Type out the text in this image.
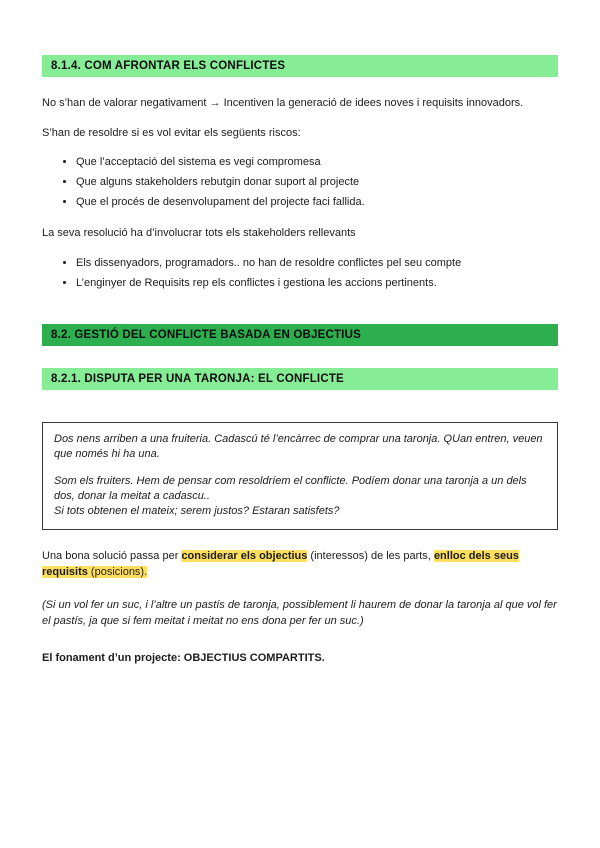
8.1.4. COM AFRONTAR ELS CONFLICTES

No s’han de valorar negativament → Incentiven la generació de idees noves i requisits innovadors.

S’han de resoldre si es vol evitar els següents riscos:

• Que l’acceptació del sistema es vegi compromesa
• Que alguns stakeholders rebutgin donar suport al projecte
• Que el procés de desenvolupament del projecte faci fallida.

La seva resolució ha d’involucrar tots els stakeholders rellevants

• Els dissenyadors, programadors.. no han de resoldre conflictes pel seu compte
• L’enginyer de Requisits rep els conflictes i gestiona les accions pertinents.
8.2. GESTIÓ DEL CONFLICTE BASADA EN OBJECTIUS
8.2.1. DISPUTA PER UNA TARONJA: EL CONFLICTE

Dos nens arriben a una fruiteria. Cadascú té l’encàrrec de comprar una taronja. QUan entren, veuen que només hi ha una.

Som els fruiters. Hem de pensar com resoldríem el conflicte. Podíem donar una taronja a un dels dos, donar la meitat a cadascu..

Si tots obtenen el mateix; serem justos? Estaran satisfets?

Una bona solució passa per considerar els objectius (interessos) de les parts, enlloc dels seus requisits (posicions).

(Si un vol fer un suc, i l’altre un pastís de taronja, possiblement li haurem de donar la taronja al que vol fer el pastís, ja que si fem meitat i meitat no ens dona per fer un suc.)

El fonament d’un projecte: OBJECTIUS COMPARTITS.
